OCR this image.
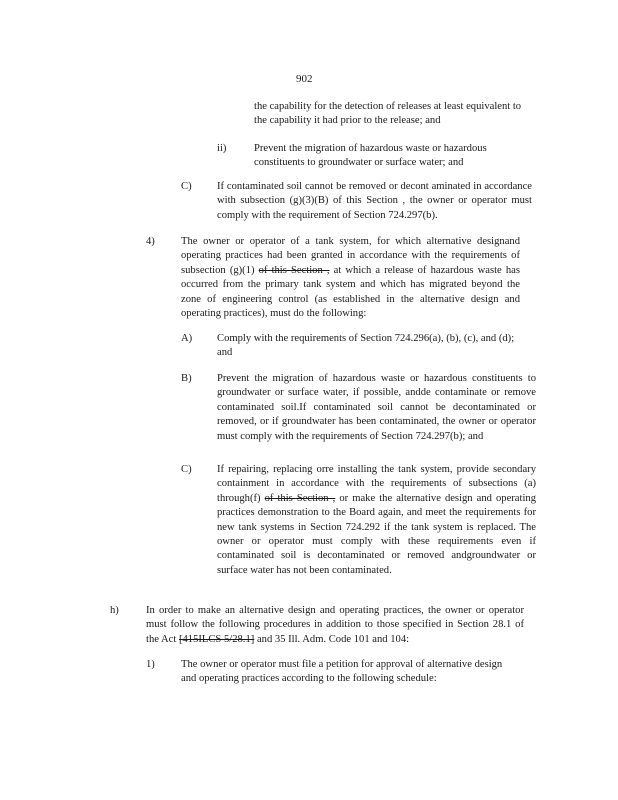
902
the capability for the detection of releases at least equivalent to the capability it had prior to the release; and
ii)	Prevent the migration of hazardous waste or hazardous constituents to groundwater or surface water; and
C) If contaminated soil cannot be removed or decont aminated in accordance with subsection (g)(3)(B) of this Section , the owner or operator must comply with the requirement of Section 724.297(b).
4) The owner or operator of a tank system, for which alternative designand operating practices had been granted in accordance with the requirements of subsection (g)(1) of this Section , at which a release of hazardous waste has occurred from the primary tank system and which has migrated beyond the zone of engineering control (as established in the alternative design and operating practices), must do the following:
A) Comply with the requirements of Section 724.296(a), (b), (c), and (d); and
B) Prevent the migration of hazardous waste or hazardous constituents to groundwater or surface water, if possible, andde contaminate or remove contaminated soil.If contaminated soil cannot be decontaminated or removed, or if groundwater has been contaminated, the owner or operator must comply with the requirements of Section 724.297(b); and
C) If repairing, replacing orre installing the tank system, provide secondary containment in accordance with the requirements of subsections (a) through(f) of this Section , or make the alternative design and operating practices demonstration to the Board again, and meet the requirements for new tank systems in Section 724.292 if the tank system is replaced. The owner or operator must comply with these requirements even if contaminated soil is decontaminated or removed andgroundwater or surface water has not been contaminated.
h)	In order to make an alternative design and operating practices, the owner or operator must follow the following procedures in addition to those specified in Section 28.1 of the Act [415ILCS 5/28.1] and 35 Ill. Adm. Code 101 and 104:
1) The owner or operator must file a petition for approval of alternative design and operating practices according to the following schedule:
